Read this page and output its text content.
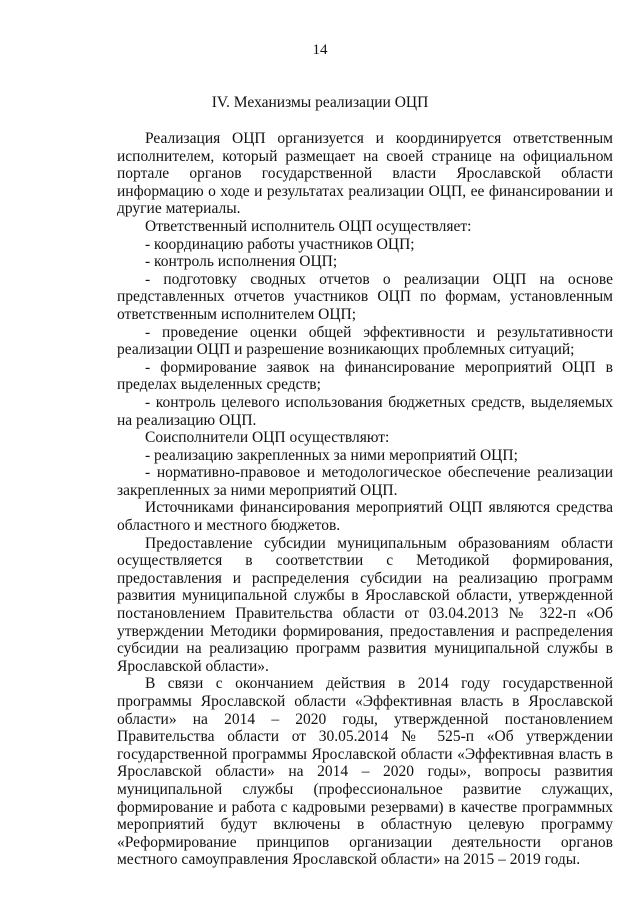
14
IV. Механизмы реализации ОЦП

Реализация ОЦП организуется и координируется ответственным исполнителем, который размещает на своей странице на официальном портале органов государственной власти Ярославской области информацию о ходе и результатах реализации ОЦП, ее финансировании и другие материалы.

Ответственный исполнитель ОЦП осуществляет:

- координацию работы участников ОЦП;

- контроль исполнения ОЦП;

- подготовку сводных отчетов о реализации ОЦП на основе представленных отчетов участников ОЦП по формам, установленным ответственным исполнителем ОЦП;

- проведение оценки общей эффективности и результативности реализации ОЦП и разрешение возникающих проблемных ситуаций;

- формирование заявок на финансирование мероприятий ОЦП в пределах выделенных средств;

- контроль целевого использования бюджетных средств, выделяемых на реализацию ОЦП.

Соисполнители ОЦП осуществляют:

- реализацию закрепленных за ними мероприятий ОЦП;

- нормативно-правовое и методологическое обеспечение реализации закрепленных за ними мероприятий ОЦП.

Источниками финансирования мероприятий ОЦП являются средства областного и местного бюджетов.

Предоставление субсидии муниципальным образованиям области осуществляется в соответствии с Методикой формирования, предоставления и распределения субсидии на реализацию программ развития муниципальной службы в Ярославской области, утвержденной постановлением Правительства области от 03.04.2013 № 322-п «Об утверждении Методики формирования, предоставления и распределения субсидии на реализацию программ развития муниципальной службы в Ярославской области».

В связи с окончанием действия в 2014 году государственной программы Ярославской области «Эффективная власть в Ярославской области» на 2014 – 2020 годы, утвержденной постановлением Правительства области от 30.05.2014 № 525-п «Об утверждении государственной программы Ярославской области «Эффективная власть в Ярославской области» на 2014 – 2020 годы», вопросы развития муниципальной службы (профессиональное развитие служащих, формирование и работа с кадровыми резервами) в качестве программных мероприятий будут включены в областную целевую программу «Реформирование принципов организации деятельности органов местного самоуправления Ярославской области» на 2015 – 2019 годы.
